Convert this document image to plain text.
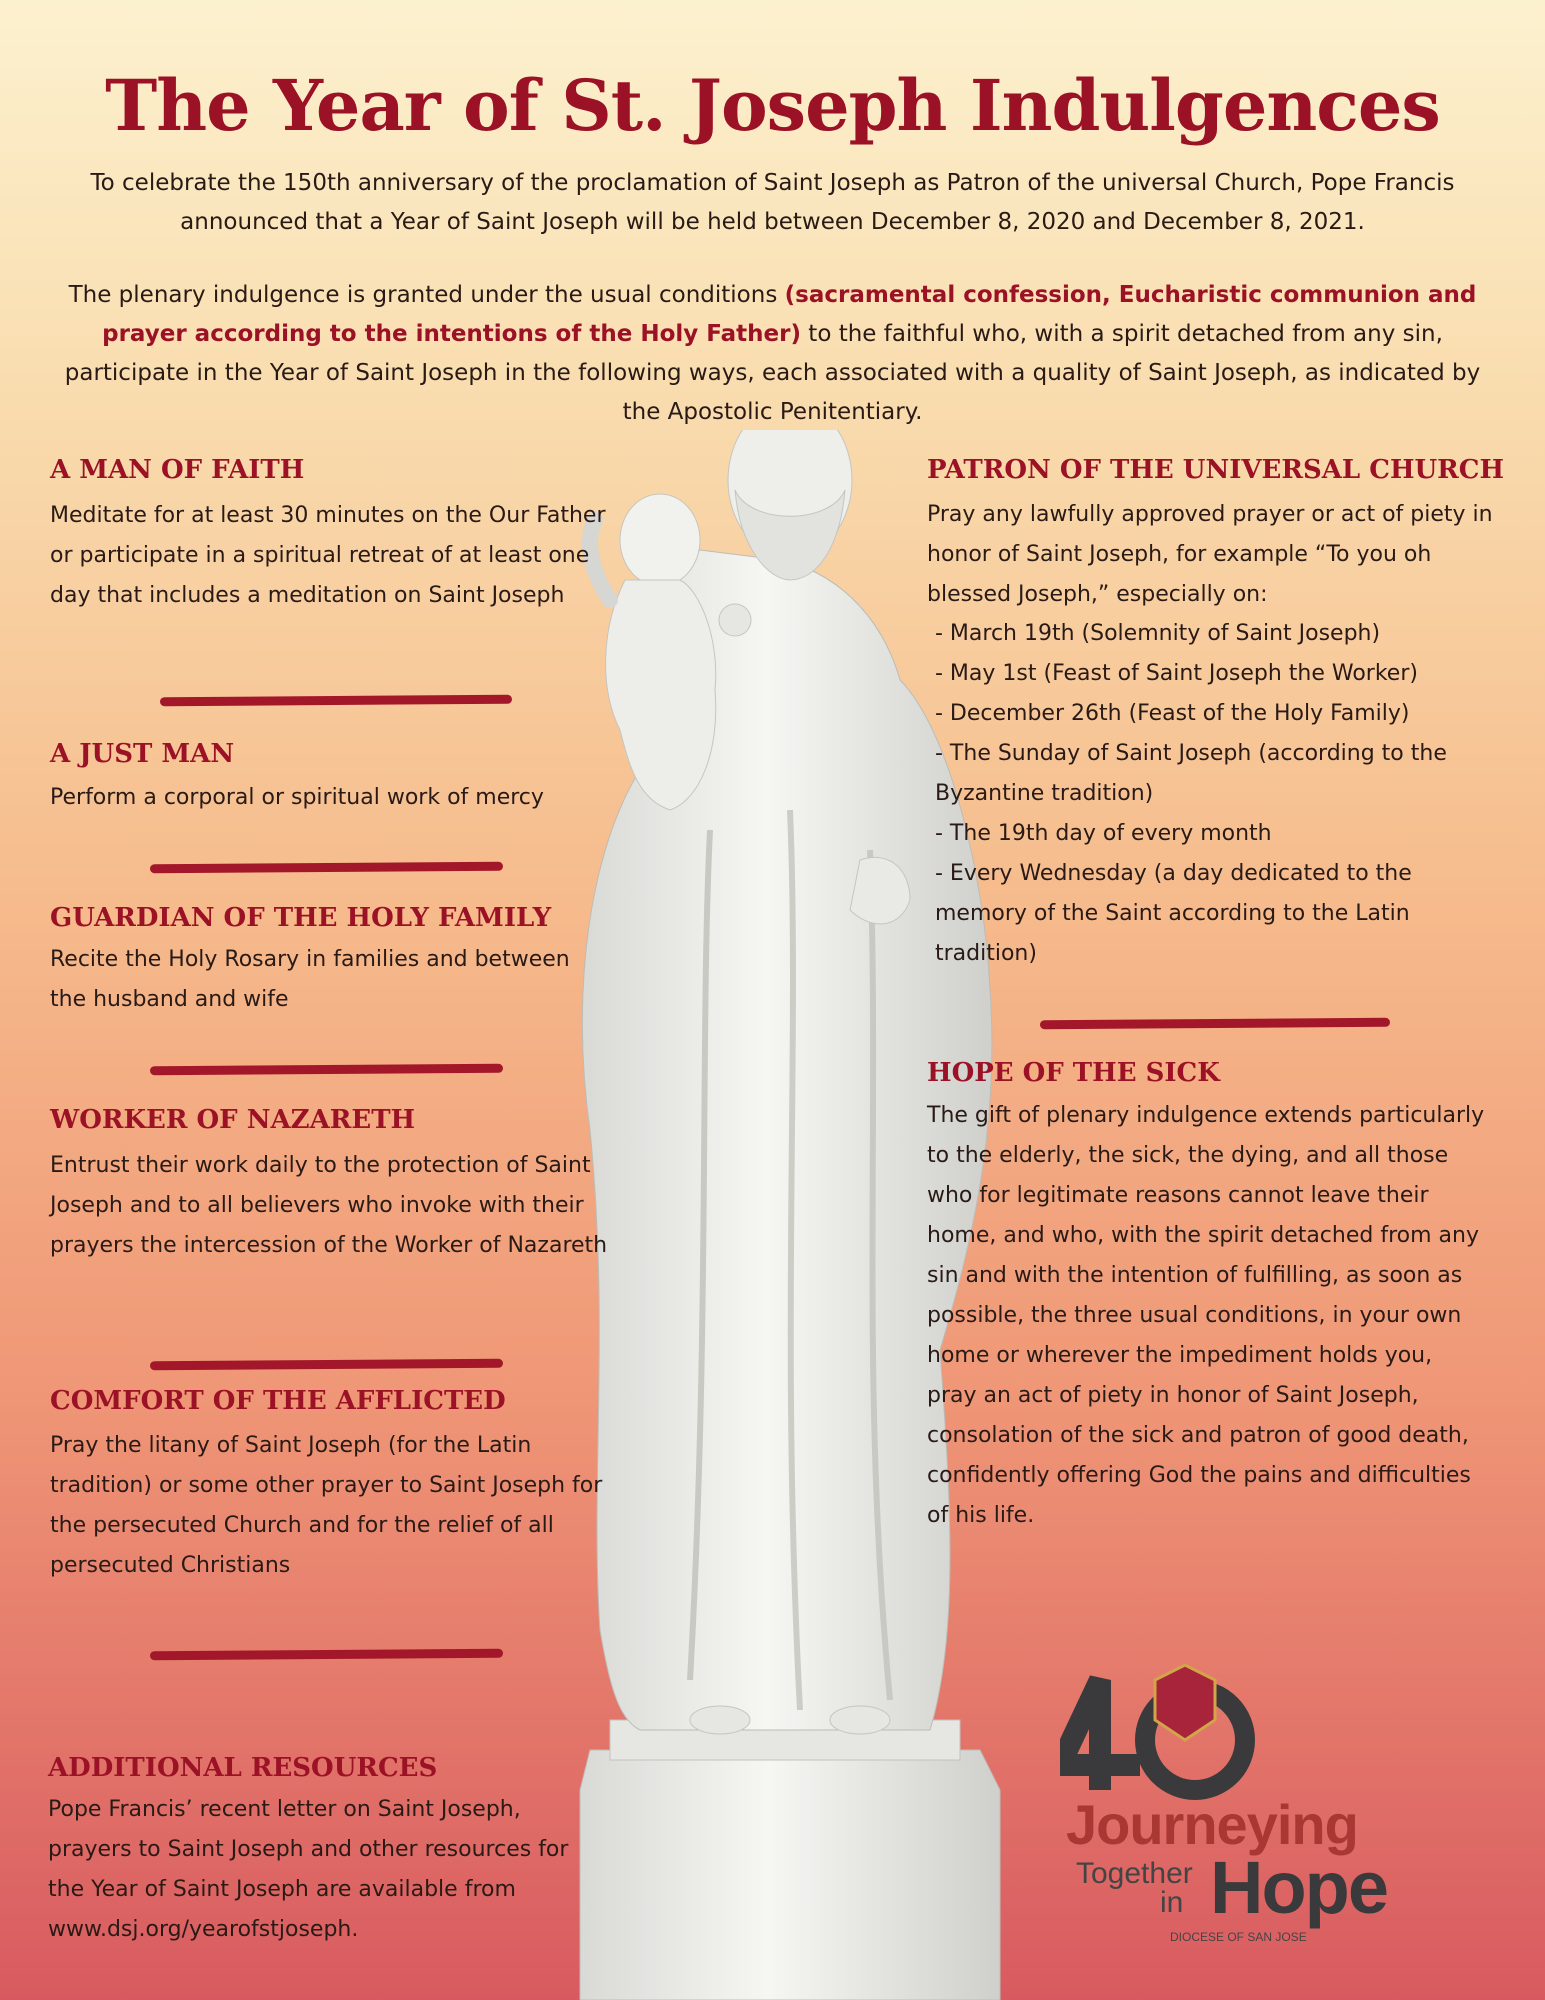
The Year of St. Joseph Indulgences

To celebrate the 150th anniversary of the proclamation of Saint Joseph as Patron of the universal Church, Pope Francis announced that a Year of Saint Joseph will be held between December 8, 2020 and December 8, 2021.

The plenary indulgence is granted under the usual conditions (sacramental confession, Eucharistic communion and prayer according to the intentions of the Holy Father) to the faithful who, with a spirit detached from any sin, participate in the Year of Saint Joseph in the following ways, each associated with a quality of Saint Joseph, as indicated by the Apostolic Penitentiary.

A MAN OF FAITH

Meditate for at least 30 minutes on the Our Father or participate in a spiritual retreat of at least one day that includes a meditation on Saint Joseph

A JUST MAN

Perform a corporal or spiritual work of mercy

GUARDIAN OF THE HOLY FAMILY

Recite the Holy Rosary in families and between the husband and wife

WORKER OF NAZARETH

Entrust their work daily to the protection of Saint Joseph and to all believers who invoke with their prayers the intercession of the Worker of Nazareth

COMFORT OF THE AFFLICTED

Pray the litany of Saint Joseph (for the Latin tradition) or some other prayer to Saint Joseph for the persecuted Church and for the relief of all persecuted Christians

ADDITIONAL RESOURCES

Pope Francis’ recent letter on Saint Joseph, prayers to Saint Joseph and other resources for the Year of Saint Joseph are available from www.dsj.org/yearofstjoseph.

PATRON OF THE UNIVERSAL CHURCH

Pray any lawfully approved prayer or act of piety in honor of Saint Joseph, for example “To you oh blessed Joseph,” especially on:

- March 19th (Solemnity of Saint Joseph)
- May 1st (Feast of Saint Joseph the Worker)
- December 26th (Feast of the Holy Family)
- The Sunday of Saint Joseph (according to the Byzantine tradition)
- The 19th day of every month
- Every Wednesday (a day dedicated to the memory of the Saint according to the Latin tradition)
HOPE OF THE SICK

The gift of plenary indulgence extends particularly to the elderly, the sick, the dying, and all those who for legitimate reasons cannot leave their home, and who, with the spirit detached from any sin and with the intention of fulfilling, as soon as possible, the three usual conditions, in your own home or wherever the impediment holds you, pray an act of piety in honor of Saint Joseph, consolation of the sick and patron of good death, confidently offering God the pains and difficulties of his life.

Journeying
Together
in Hope
DIOCESE OF SAN JOSE
